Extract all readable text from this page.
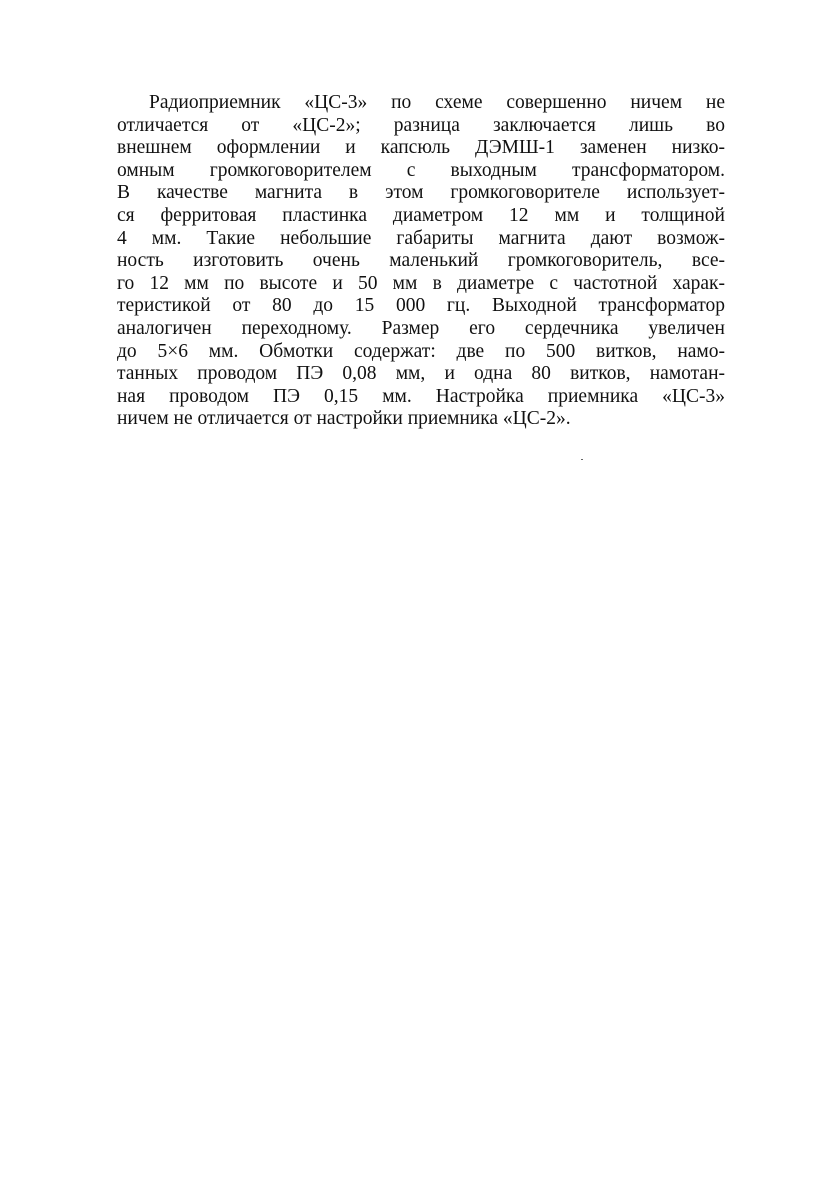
Радиоприемник «ЦС-3» по схеме совершенно ничем не
отличается от «ЦС-2»; разница заключается лишь во
внешнем оформлении и капсюль ДЭМШ-1 заменен низко-
омным громкоговорителем с выходным трансформатором.
В качестве магнита в этом громкоговорителе использует-
ся ферритовая пластинка диаметром 12 мм и толщиной
4 мм. Такие небольшие габариты магнита дают возмож-
ность изготовить очень маленький громкоговоритель, все-
го 12 мм по высоте и 50 мм в диаметре с частотной харак-
теристикой от 80 до 15 000 гц. Выходной трансформатор
аналогичен переходному. Размер его сердечника увеличен
до 5×6 мм. Обмотки содержат: две по 500 витков, намо-
танных проводом ПЭ 0,08 мм, и одна 80 витков, намотан-
ная проводом ПЭ 0,15 мм. Настройка приемника «ЦС-3»
ничем не отличается от настройки приемника «ЦС-2».
